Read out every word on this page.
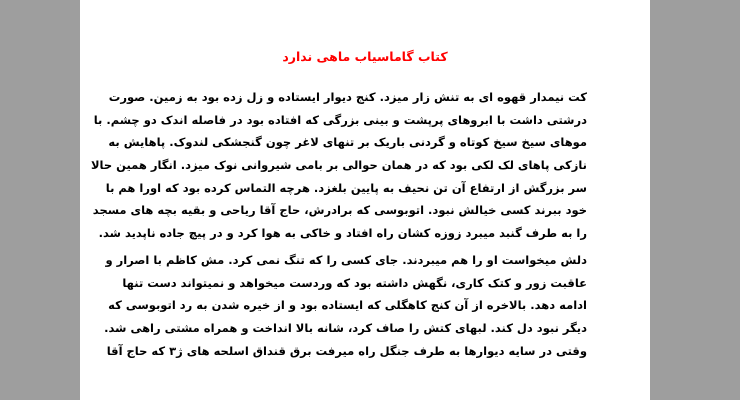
کتاب گاماسیاب ماهی ندارد
کت نیمدار قهوه ای به تنش زار میزد. کنج دیوار ایستاده و زل زده بود به زمین. صورت
درشتی داشت با ابروهای پرپشت و بینی بزرگی که افتاده بود در فاصله اندک دو چشم. با
موهای سیخ سیخ کوتاه و گردنی باریک بر تنهای لاغر چون گنجشکی لندوک. پاهایش به
نازکی پاهای لک لکی بود که در همان حوالی بر بامی شیروانی نوک میزد. انگار همین حالا
سر بزرگش از ارتفاع آن تن نحیف به پایین بلغزد. هرچه التماس کرده بود که اورا هم با
خود ببرند کسی خیالش نبود. اتوبوسی که برادرش، حاج آقا ریاحی و بقیه بچه های مسجد
را به طرف گنبد میبرد زوزه کشان راه افتاد و خاکی به هوا کرد و در پیچ جاده ناپدید شد.
دلش میخواست او را هم میبردند. جای کسی را که تنگ نمی کرد. مش کاظم با اصرار و
عاقبت زور و کتک کاری، نگهش داشته بود که وردست میخواهد و نمیتواند دست تنها
ادامه دهد. بالاخره از آن کنج کاهگلی که ایستاده بود و از خیره شدن به رد اتوبوسی که
دیگر نبود دل کند. لبهای کتش را صاف کرد، شانه بالا انداخت و همراه مشتی راهی شد.
وقتی در سایه دیوارها به طرف جنگل راه میرفت برق قنداق اسلحه های ژ۳ که حاج آقا
